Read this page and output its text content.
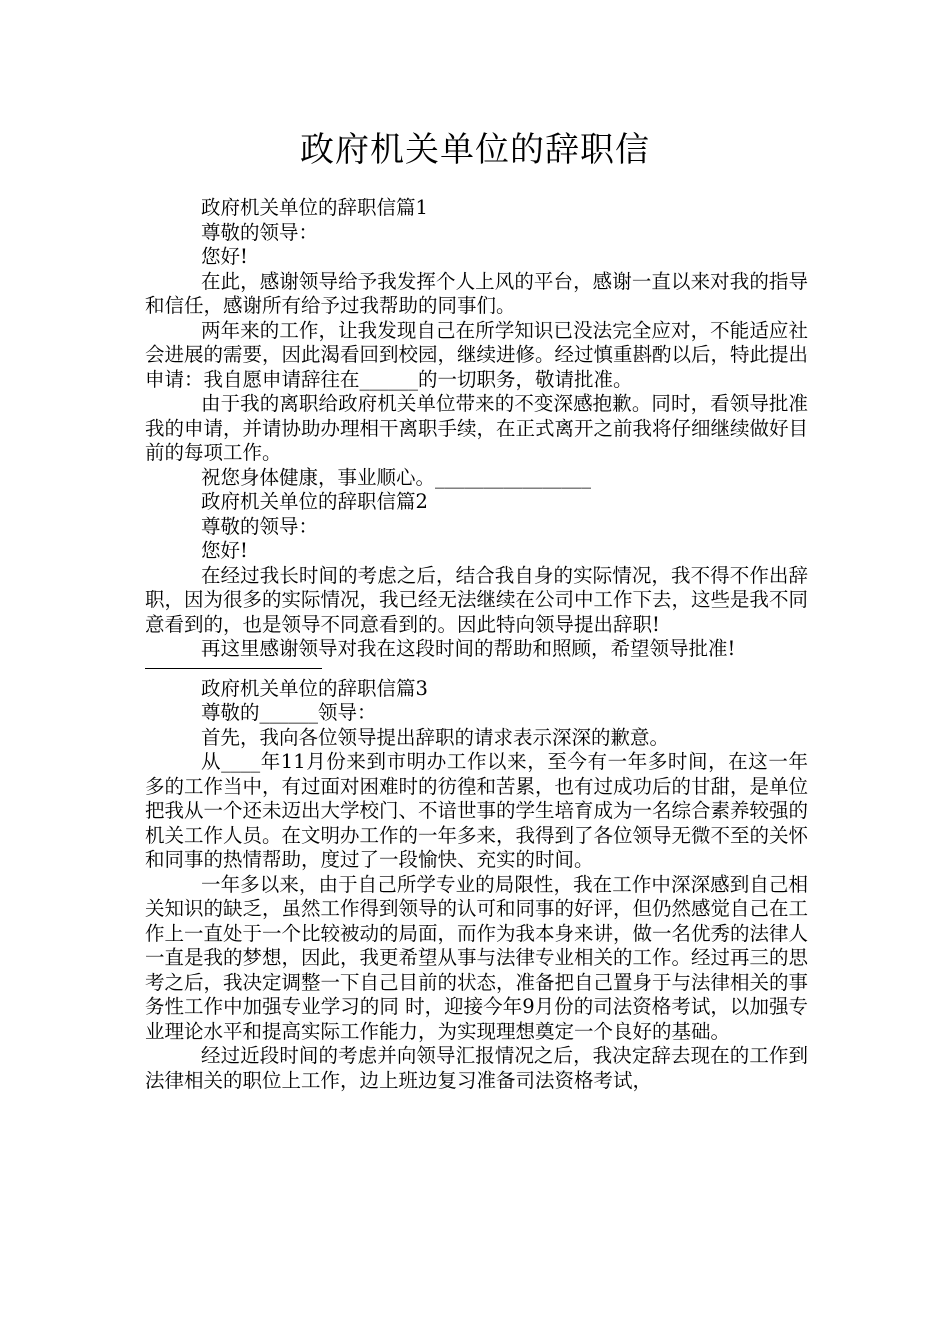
政府机关单位的辞职信

政府机关单位的辞职信篇1

尊敬的领导：

您好!

在此，感谢领导给予我发挥个人上风的平台，感谢一直以来对我的指导和信任，感谢所有给予过我帮助的同事们。

两年来的工作，让我发现自己在所学知识已没法完全应对，不能适应社会进展的需要，因此渴看回到校园，继续进修。经过慎重斟酌以后，特此提出申请：我自愿申请辞往在______的一切职务，敬请批准。

由于我的离职给政府机关单位带来的不变深感抱歉。同时，看领导批准我的申请，并请协助办理相干离职手续，在正式离开之前我将仔细继续做好目前的每项工作。

祝您身体健康，事业顺心。________________

政府机关单位的辞职信篇2

尊敬的领导：

您好!

在经过我长时间的考虑之后，结合我自身的实际情况，我不得不作出辞职，因为很多的实际情况，我已经无法继续在公司中工作下去，这些是我不同意看到的，也是领导不同意看到的。因此特向领导提出辞职!

再这里感谢领导对我在这段时间的帮助和照顾，希望领导批准!

政府机关单位的辞职信篇3

尊敬的______领导：

首先，我向各位领导提出辞职的请求表示深深的歉意。

从____年11月份来到市明办工作以来，至今有一年多时间，在这一年多的工作当中，有过面对困难时的彷徨和苦累，也有过成功后的甘甜，是单位把我从一个还未迈出大学校门、不谙世事的学生培育成为一名综合素养较强的机关工作人员。在文明办工作的一年多来，我得到了各位领导无微不至的关怀和同事的热情帮助，度过了一段愉快、充实的时间。

一年多以来，由于自己所学专业的局限性，我在工作中深深感到自己相关知识的缺乏，虽然工作得到领导的认可和同事的好评，但仍然感觉自己在工作上一直处于一个比较被动的局面，而作为我本身来讲，做一名优秀的法律人一直是我的梦想，因此，我更希望从事与法律专业相关的工作。经过再三的思考之后，我决定调整一下自己目前的状态，准备把自己置身于与法律相关的事务性工作中加强专业学习的同 时，迎接今年9月份的司法资格考试，以加强专业理论水平和提高实际工作能力，为实现理想奠定一个良好的基础。

经过近段时间的考虑并向领导汇报情况之后，我决定辞去现在的工作到法律相关的职位上工作，边上班边复习准备司法资格考试，
